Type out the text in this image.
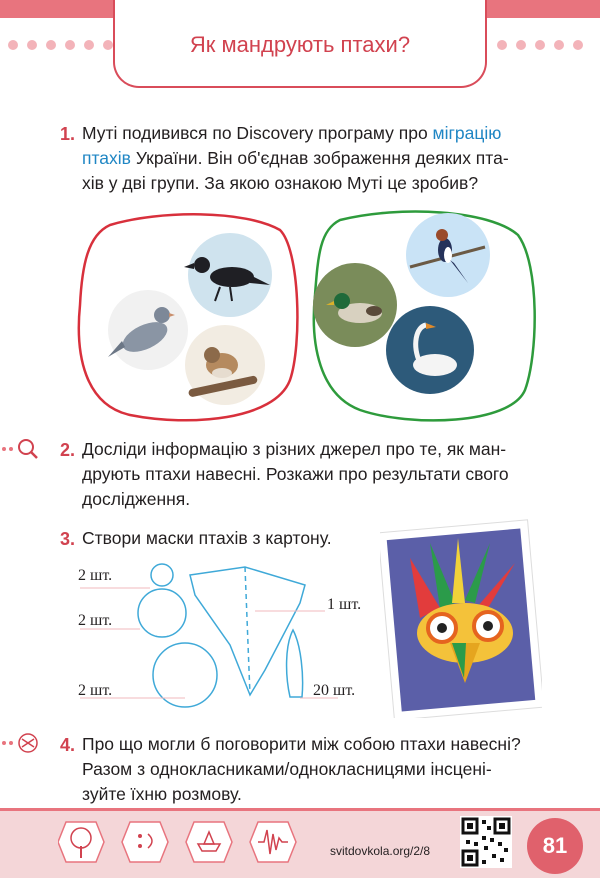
Як мандрують птахи?
1. Муті подивився по Discovery програму про міграцію
птахів України. Він об'єднав зображення деяких пта-
хів у дві групи. За якою ознакою Муті це зробив?
2. Досліди інформацію з різних джерел про те, як ман-
друють птахи навесні. Розкажи про результати свого
дослідження.
3. Створи маски птахів з картону.
2 шт.
2 шт.
1 шт.
2 шт.	20 шт.
4. Про що могли б поговорити між собою птахи навесні?
Разом з однокласниками/однокласницями інсцені-
зуйте їхню розмову.
svitdovkola.org/2/8	81
